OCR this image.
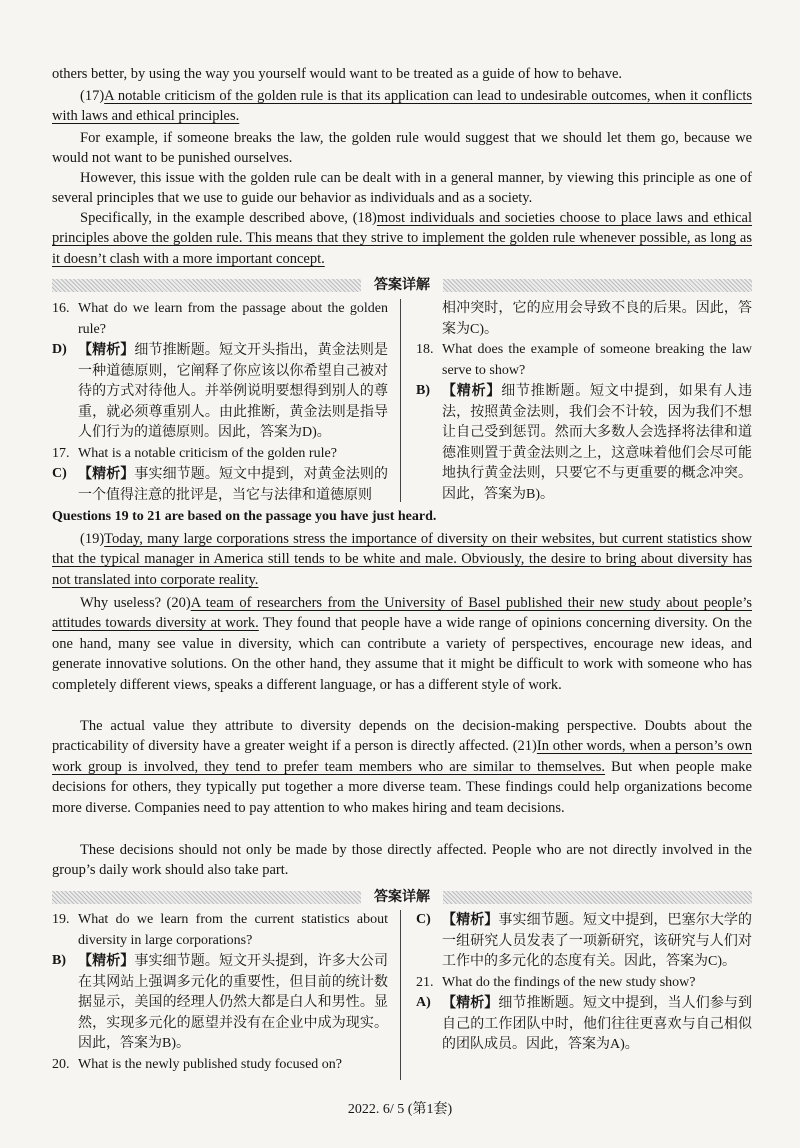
others better, by using the way you yourself would want to be treated as a guide of how to behave.

(17)A notable criticism of the golden rule is that its application can lead to undesirable outcomes, when it conflicts with laws and ethical principles.

For example, if someone breaks the law, the golden rule would suggest that we should let them go, because we would not want to be punished ourselves.

However, this issue with the golden rule can be dealt with in a general manner, by viewing this principle as one of several principles that we use to guide our behavior as individuals and as a society.

Specifically, in the example described above, (18)most individuals and societies choose to place laws and ethical principles above the golden rule. This means that they strive to implement the golden rule whenever possible, as long as it doesn’t clash with a more important concept.

答案详解
16. What do we learn from the passage about the golden rule?
D) 【精析】细节推断题。短文开头指出，黄金法则是一种道德原则，它阐释了你应该以你希望自己被对待的方式对待他人。并举例说明要想得到别人的尊重，就必须尊重别人。由此推断，黄金法则是指导人们行为的道德原则。因此，答案为D)。
17. What is a notable criticism of the golden rule?
C) 【精析】事实细节题。短文中提到，对黄金法则的一个值得注意的批评是，当它与法律和道德原则
相冲突时，它的应用会导致不良的后果。因此，答案为C)。
18. What does the example of someone breaking the law serve to show?
B) 【精析】细节推断题。短文中提到，如果有人违法，按照黄金法则，我们会不计较，因为我们不想让自己受到惩罚。然而大多数人会选择将法律和道德准则置于黄金法则之上，这意味着他们会尽可能地执行黄金法则，只要它不与更重要的概念冲突。因此，答案为B)。
Questions 19 to 21 are based on the passage you have just heard.

(19)Today, many large corporations stress the importance of diversity on their websites, but current statistics show that the typical manager in America still tends to be white and male. Obviously, the desire to bring about diversity has not translated into corporate reality.

Why useless? (20)A team of researchers from the University of Basel published their new study about people’s attitudes towards diversity at work. They found that people have a wide range of opinions concerning diversity. On the one hand, many see value in diversity, which can contribute a variety of perspectives, encourage new ideas, and generate innovative solutions. On the other hand, they assume that it might be difficult to work with someone who has completely different views, speaks a different language, or has a different style of work.

The actual value they attribute to diversity depends on the decision-making perspective. Doubts about the practicability of diversity have a greater weight if a person is directly affected. (21)In other words, when a person’s own work group is involved, they tend to prefer team members who are similar to themselves. But when people make decisions for others, they typically put together a more diverse team. These findings could help organizations become more diverse. Companies need to pay attention to who makes hiring and team decisions.

These decisions should not only be made by those directly affected. People who are not directly involved in the group’s daily work should also take part.

答案详解
19. What do we learn from the current statistics about diversity in large corporations?
B) 【精析】事实细节题。短文开头提到，许多大公司在其网站上强调多元化的重要性，但目前的统计数据显示，美国的经理人仍然大都是白人和男性。显然，实现多元化的愿望并没有在企业中成为现实。因此，答案为B)。
20. What is the newly published study focused on?
C) 【精析】事实细节题。短文中提到，巴塞尔大学的一组研究人员发表了一项新研究，该研究与人们对工作中的多元化的态度有关。因此，答案为C)。
21. What do the findings of the new study show?
A) 【精析】细节推断题。短文中提到，当人们参与到自己的工作团队中时，他们往往更喜欢与自己相似的团队成员。因此，答案为A)。
2022. 6/ 5 (第1套)
